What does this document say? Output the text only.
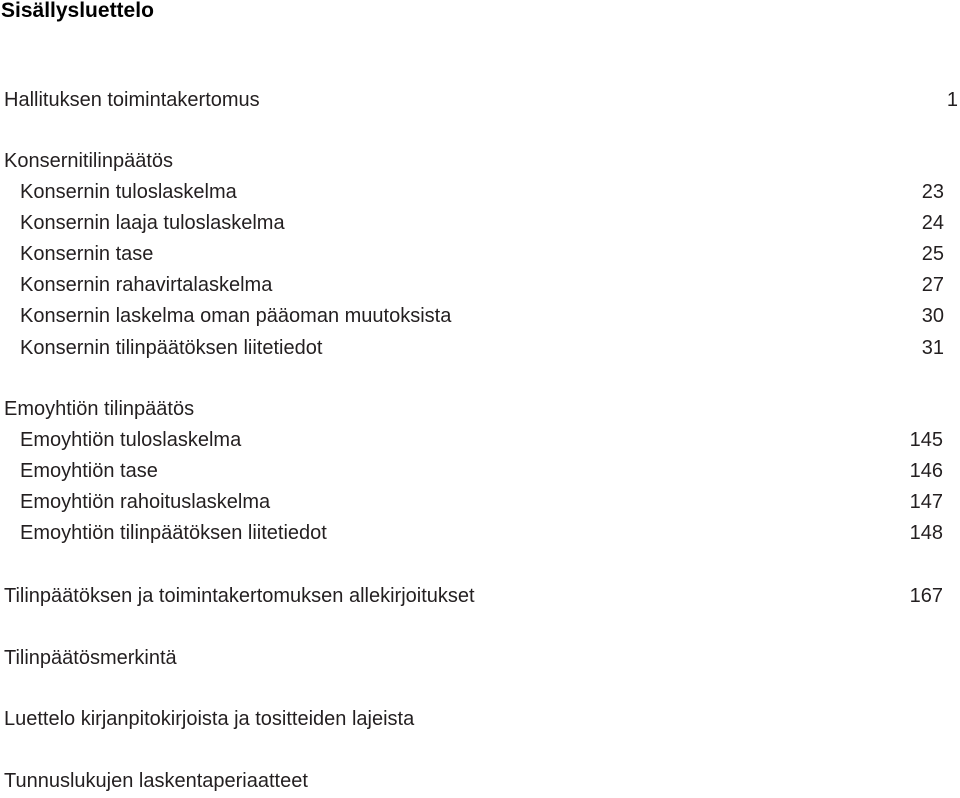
Sisällysluettelo
Hallituksen toimintakertomus	1
Konsernitilinpäätös
Konsernin tuloslaskelma	23
Konsernin laaja tuloslaskelma	24
Konsernin tase	25
Konsernin rahavirtalaskelma	27
Konsernin laskelma oman pääoman muutoksista	30
Konsernin tilinpäätöksen liitetiedot	31
Emoyhtiön tilinpäätös
Emoyhtiön tuloslaskelma	145
Emoyhtiön tase	146
Emoyhtiön rahoituslaskelma	147
Emoyhtiön tilinpäätöksen liitetiedot	148
Tilinpäätöksen ja toimintakertomuksen allekirjoitukset	167
Tilinpäätösmerkintä
Luettelo kirjanpitokirjoista ja tositteiden lajeista
Tunnuslukujen laskentaperiaatteet
